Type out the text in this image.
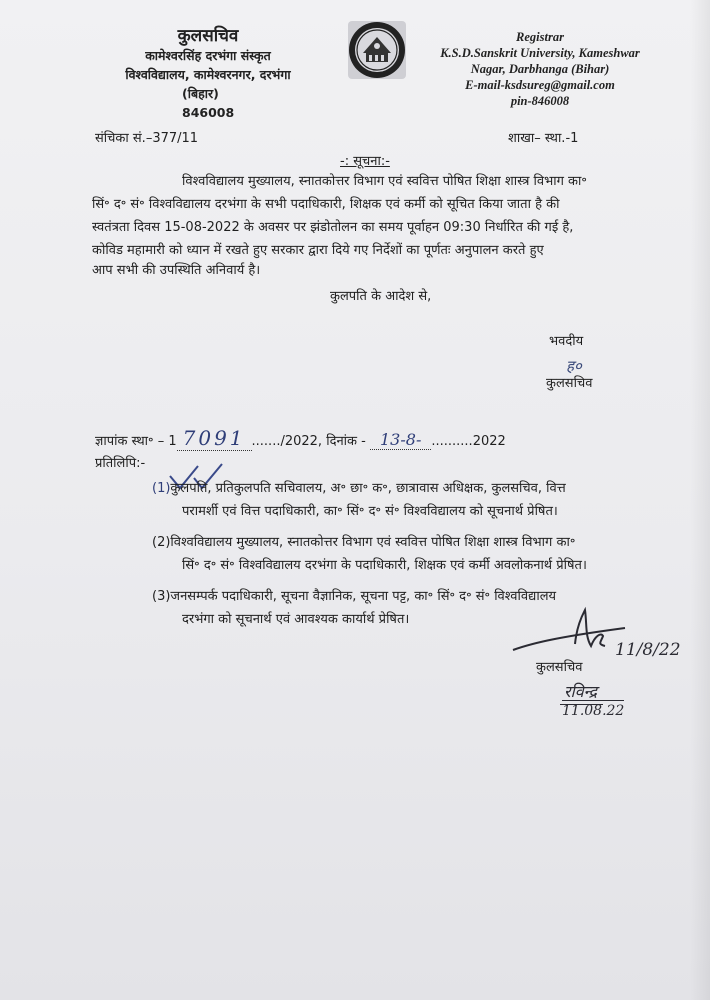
कुलसचिव
कामेश्वरसिंह दरभंगा संस्कृत
विश्वविद्यालय, कामेश्वरनगर, दरभंगा
(बिहार)
846008
Registrar
K.S.D.Sanskrit University, Kameshwar
Nagar, Darbhanga (Bihar)
E-mail-ksdsureg@gmail.com
pin-846008
संचिका सं.–377/11	शाखा– स्था.-1
-: सूचना:-
विश्वविद्यालय मुख्यालय, स्नातकोत्तर विभाग एवं स्ववित्त पोषित शिक्षा शास्त्र विभाग का॰
सिं॰ द॰ सं॰ विश्वविद्यालय दरभंगा के सभी पदाधिकारी, शिक्षक एवं कर्मी को सूचित किया जाता है की
स्वतंत्रता दिवस 15-08-2022 के अवसर पर झंडोतोलन का समय पूर्वाहन 09:30 निर्धारित की गई है,
कोविड महामारी को ध्यान में रखते हुए सरकार द्वारा दिये गए निर्देशों का पूर्णतः अनुपालन करते हुए
आप सभी की उपस्थिति अनिवार्य है।
कुलपति के आदेश से,
भवदीय
ह०
कुलसचिव
ज्ञापांक स्था॰ – 1 7091 ......./2022, दिनांक - 13-8- ..........2022
प्रतिलिपि:-
(1)कुलपति, प्रतिकुलपति सचिवालय, अ॰ छा॰ क॰, छात्रावास अधिक्षक, कुलसचिव, वित्त
परामर्शी एवं वित्त पदाधिकारी, का॰ सिं॰ द॰ सं॰ विश्वविद्यालय को सूचनार्थ प्रेषित।
(2)विश्वविद्यालय मुख्यालय, स्नातकोत्तर विभाग एवं स्ववित्त पोषित शिक्षा शास्त्र विभाग का॰
सिं॰ द॰ सं॰ विश्वविद्यालय दरभंगा के पदाधिकारी, शिक्षक एवं कर्मी अवलोकनार्थ प्रेषित।
(3)जनसम्पर्क पदाधिकारी, सूचना वैज्ञानिक, सूचना पट्ट, का॰ सिं॰ द॰ सं॰ विश्वविद्यालय
दरभंगा को सूचनार्थ एवं आवश्यक कार्यार्थ प्रेषित।
11/8/22
कुलसचिव
रविन्द्र
11.08.22
